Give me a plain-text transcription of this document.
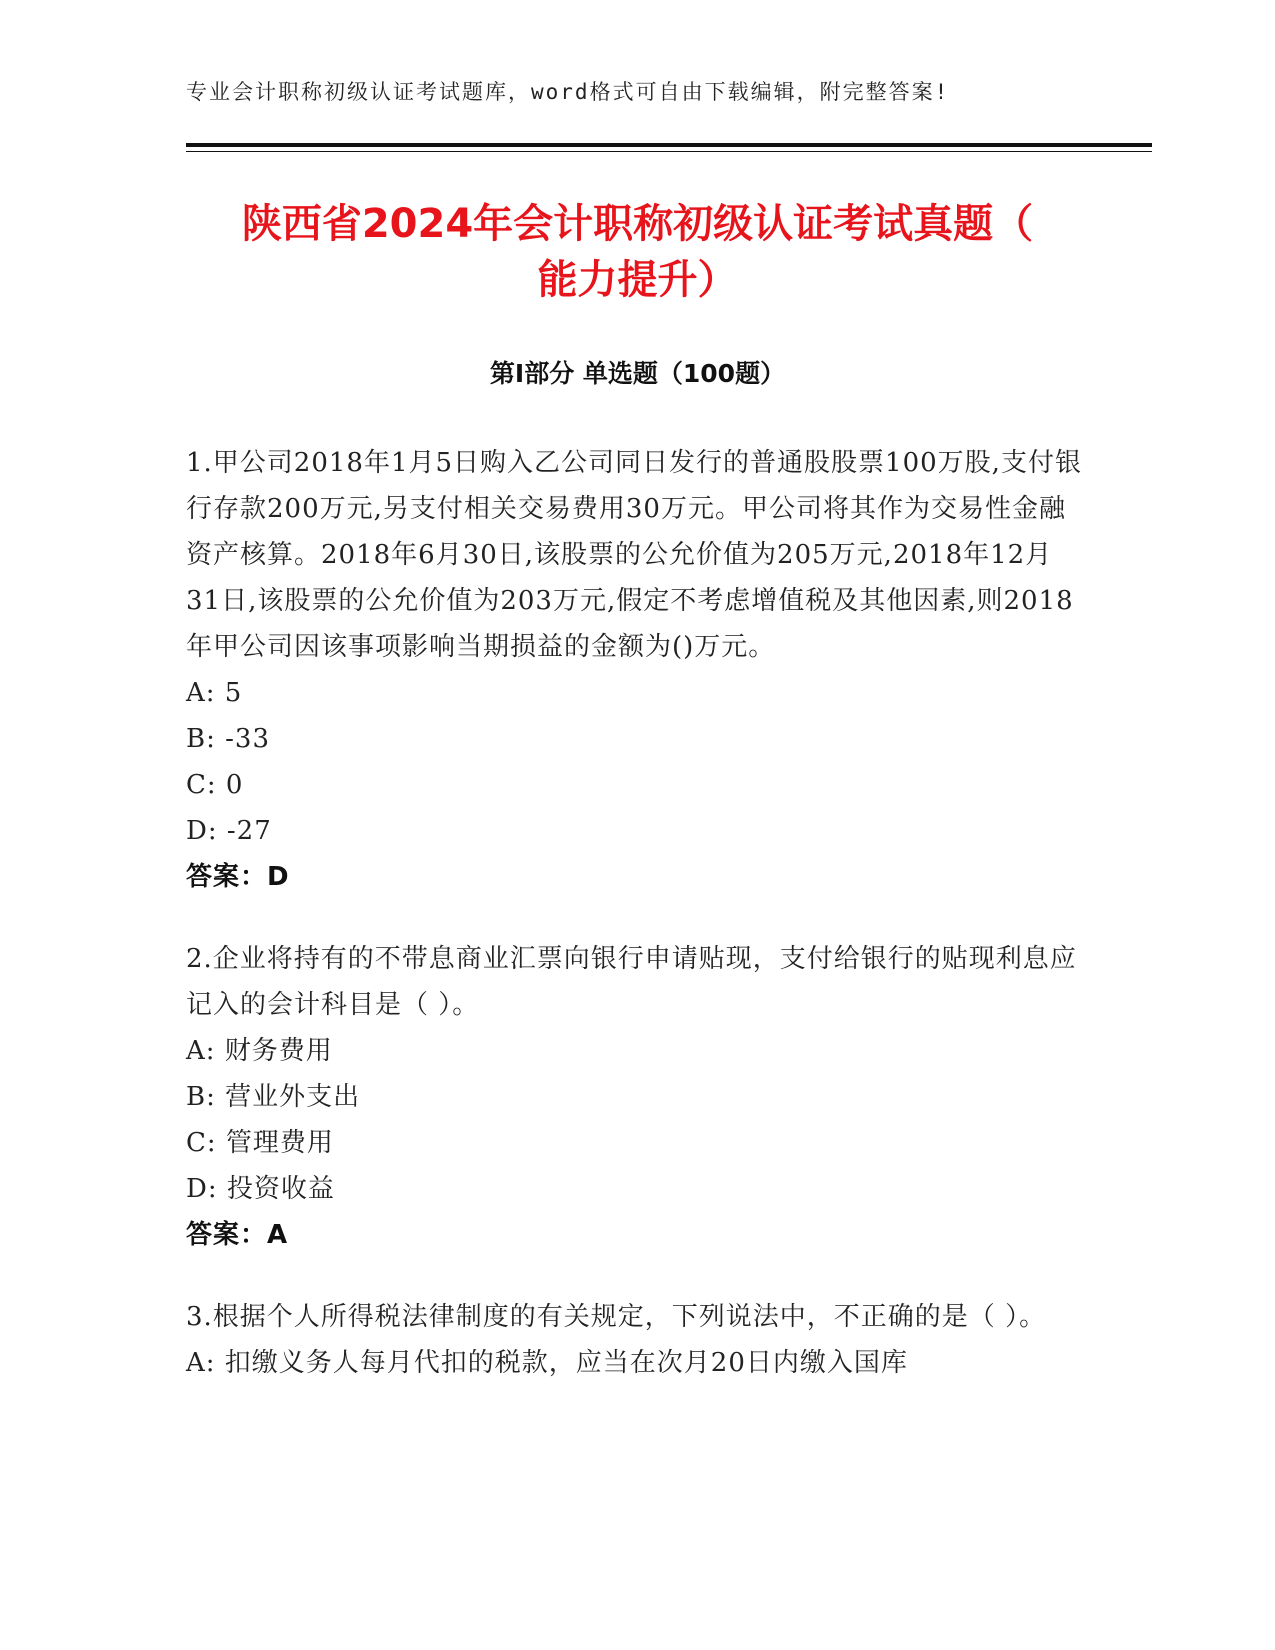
专业会计职称初级认证考试题库，word格式可自由下载编辑，附完整答案!
陕西省2024年会计职称初级认证考试真题（
能力提升）
第I部分 单选题（100题）

1.甲公司2018年1月5日购入乙公司同日发行的普通股股票100万股,支付银行存款200万元,另支付相关交易费用30万元。甲公司将其作为交易性金融资产核算。2018年6月30日,该股票的公允价值为205万元,2018年12月31日,该股票的公允价值为203万元,假定不考虑增值税及其他因素,则2018年甲公司因该事项影响当期损益的金额为()万元。

A: 5

B: -33

C: 0

D: -27

答案：D

2.企业将持有的不带息商业汇票向银行申请贴现，支付给银行的贴现利息应记入的会计科目是（ ）。

A: 财务费用

B: 营业外支出

C: 管理费用

D: 投资收益

答案：A

3.根据个人所得税法律制度的有关规定，下列说法中，不正确的是（ ）。

A: 扣缴义务人每月代扣的税款，应当在次月20日内缴入国库
